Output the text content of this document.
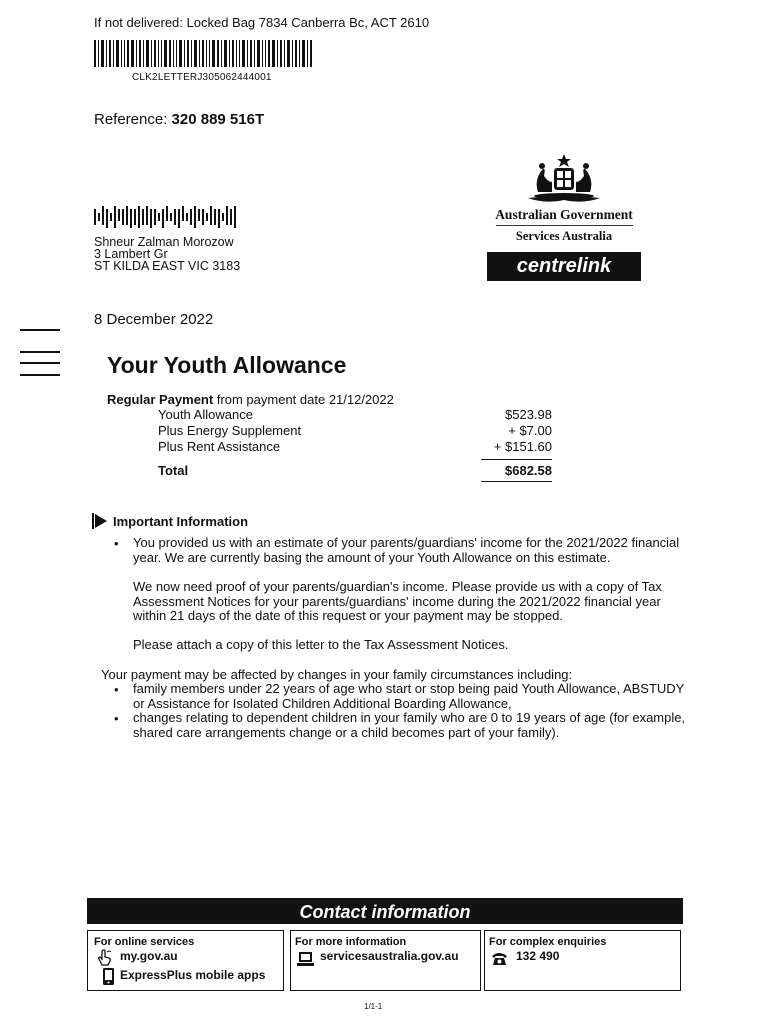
If not delivered: Locked Bag 7834 Canberra Bc, ACT 2610
CLK2LETTERJ305062444001
Reference: 320 889 516T
Shneur Zalman Morozow
3 Lambert Gr
ST KILDA EAST VIC 3183
Australian Government
Services Australia
centrelink
8 December 2022
Your Youth Allowance
Regular Payment from payment date 21/12/2022
Youth Allowance	$523.98
Plus Energy Supplement	+ $7.00
Plus Rent Assistance	+ $151.60
Total	$682.58
Important Information
• You provided us with an estimate of your parents/guardians' income for the 2021/2022 financial year. We are currently basing the amount of your Youth Allowance on this estimate.
We now need proof of your parents/guardian's income. Please provide us with a copy of Tax Assessment Notices for your parents/guardians' income during the 2021/2022 financial year within 21 days of the date of this request or your payment may be stopped.
Please attach a copy of this letter to the Tax Assessment Notices.
Your payment may be affected by changes in your family circumstances including:
• family members under 22 years of age who start or stop being paid Youth Allowance, ABSTUDY or Assistance for Isolated Children Additional Boarding Allowance,
• changes relating to dependent children in your family who are 0 to 19 years of age (for example, shared care arrangements change or a child becomes part of your family).
Contact information
For online services
my.gov.au
ExpressPlus mobile apps
For more information
servicesaustralia.gov.au
For complex enquiries
132 490
1/1-1
